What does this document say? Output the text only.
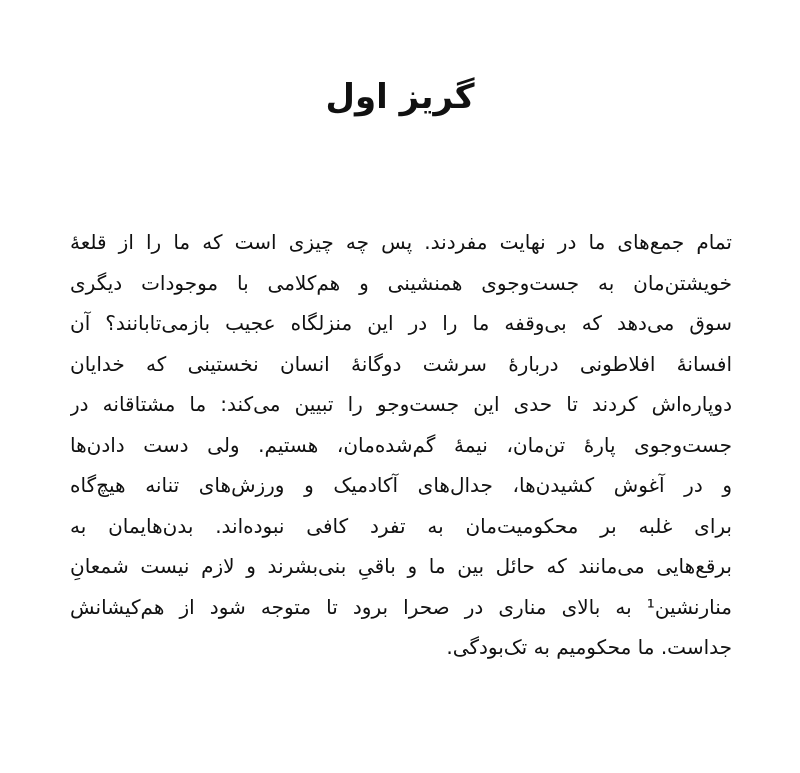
گریز اول

تمام جمع‌های ما در نهایت مفردند. پس چه چیزی است که ما را از قلعهٔ
خویشتن‌مان به جست‌وجوی همنشینی و هم‌کلامی با موجودات دیگری
سوق می‌دهد که بی‌وقفه ما را در این منزلگاه عجیب بازمی‌تابانند؟ آن
افسانهٔ افلاطونی دربارهٔ سرشت دوگانهٔ انسان نخستینی که خدایان
دوپاره‌اش کردند تا حدی این جست‌وجو را تبیین می‌کند: ما مشتاقانه در
جست‌وجوی پارهٔ تن‌مان، نیمهٔ گم‌شده‌مان، هستیم. ولی دست دادن‌ها
و در آغوش کشیدن‌ها، جدال‌های آکادمیک و ورزش‌های تنانه هیچ‌گاه
برای غلبه بر محکومیت‌مان به تفرد کافی نبوده‌اند. بدن‌هایمان به
برقع‌هایی می‌مانند که حائل بین ما و باقیِ بنی‌بشرند و لازم نیست شمعانِ
منارنشین¹ به بالای مناری در صحرا برود تا متوجه شود از هم‌کیشانش
جداست. ما محکومیم به تک‌بودگی.
